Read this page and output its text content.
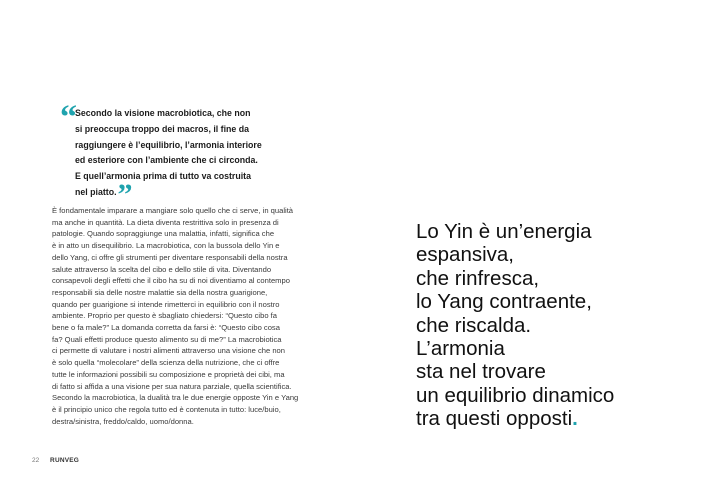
“ Secondo la visione macrobiotica, che non
si preoccupa troppo dei macros, il fine da
raggiungere è l’equilibrio, l’armonia interiore
ed esteriore con l’ambiente che ci circonda.
E quell’armonia prima di tutto va costruita
nel piatto.”
È fondamentale imparare a mangiare solo quello che ci serve, in qualità
ma anche in quantità. La dieta diventa restrittiva solo in presenza di
patologie. Quando sopraggiunge una malattia, infatti, significa che
è in atto un disequilibrio. La macrobiotica, con la bussola dello Yin e
dello Yang, ci offre gli strumenti per diventare responsabili della nostra
salute attraverso la scelta del cibo e dello stile di vita. Diventando
consapevoli degli effetti che il cibo ha su di noi diventiamo al contempo
responsabili sia delle nostre malattie sia della nostra guarigione,
quando per guarigione si intende rimetterci in equilibrio con il nostro
ambiente. Proprio per questo è sbagliato chiedersi: “Questo cibo fa
bene o fa male?” La domanda corretta da farsi è: “Questo cibo cosa
fa? Quali effetti produce questo alimento su di me?” La macrobiotica
ci permette di valutare i nostri alimenti attraverso una visione che non
è solo quella “molecolare” della scienza della nutrizione, che ci offre
tutte le informazioni possibili su composizione e proprietà dei cibi, ma
di fatto si affida a una visione per sua natura parziale, quella scientifica.
Secondo la macrobiotica, la dualità tra le due energie opposte Yin e Yang
è il principio unico che regola tutto ed è contenuta in tutto: luce/buio,
destra/sinistra, freddo/caldo, uomo/donna.
Lo Yin è un’energia
espansiva,
che rinfresca,
lo Yang contraente,
che riscalda.
L’armonia
sta nel trovare
un equilibrio dinamico
tra questi opposti.
22 RUNVEG
